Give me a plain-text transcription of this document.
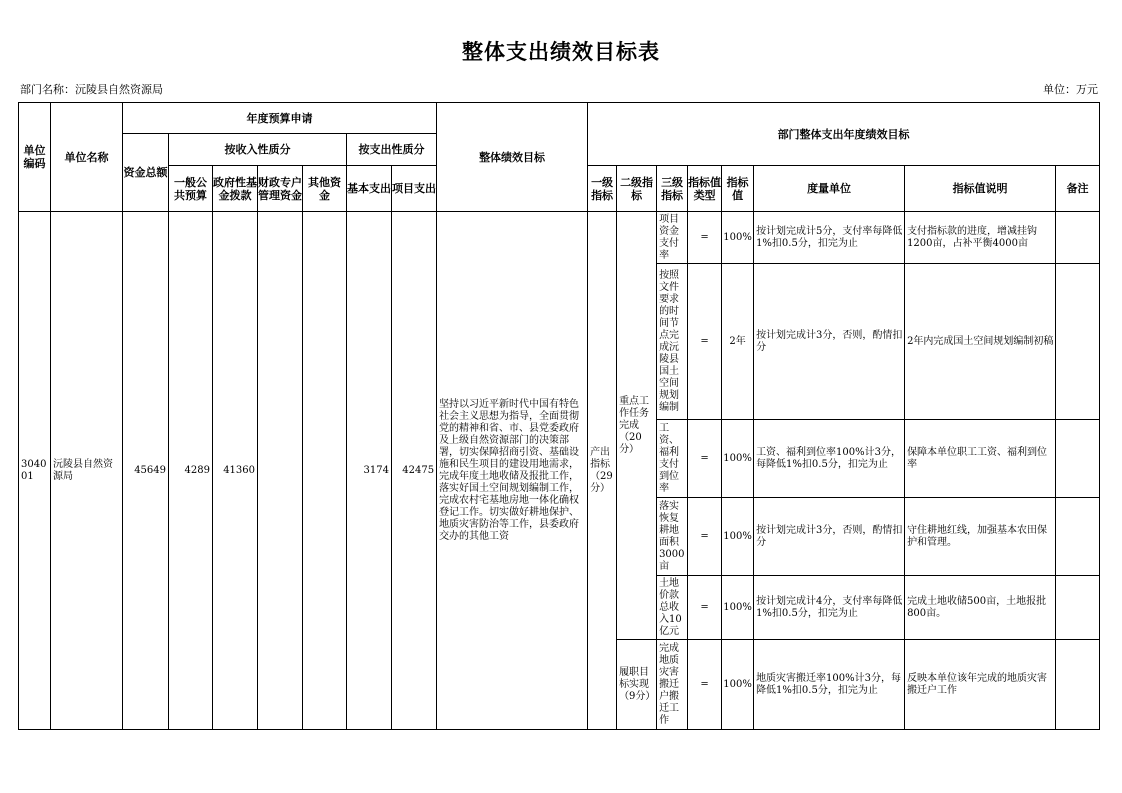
整体支出绩效目标表
部门名称：沅陵县自然资源局	单位：万元
单位编码	单位名称	年度预算申请							整体绩效目标	部门整体支出年度绩效目标							
		资金总额	按收入性质分				按支出性质分										
			一般公共预算	政府性基金拨款	财政专户管理资金	其他资金	基本支出	项目支出		一级指标	二级指标	三级指标	指标值类型	指标值	度量单位	指标值说明	备注
304001	沅陵县自然资源局	45649	4289	41360			3174	42475	坚持以习近平新时代中国有特色社会主义思想为指导，全面贯彻党的精神和省、市、县党委政府及上级自然资源部门的决策部署，切实保障招商引资、基础设施和民生项目的建设用地需求，完成年度土地收储及报批工作，落实好国土空间规划编制工作，完成农村宅基地房地一体化确权登记工作。切实做好耕地保护、地质灾害防治等工作，县委政府交办的其他工资	产出指标（29分）	重点工作任务完成（20分）	项目资金支付率	=	100%	按计划完成计5分，支付率每降低1%扣0.5分，扣完为止	支付指标款的进度，增减挂钩1200亩，占补平衡4000亩	
												按照文件要求的时间节点完成沅陵县国土空间规划编制	=	2年	按计划完成计3分，否则，酌情扣分	2年内完成国土空间规划编制初稿	
												工资、福利支付到位率	=	100%	工资、福利到位率100%计3分，每降低1%扣0.5分，扣完为止	保障本单位职工工资、福利到位率	
												落实恢复耕地面积3000亩	=	100%	按计划完成计3分，否则，酌情扣分	守住耕地红线，加强基本农田保护和管理。	
												土地价款总收入10亿元	=	100%	按计划完成计4分，支付率每降低1%扣0.5分，扣完为止	完成土地收储500亩，土地报批800亩。	
											履职目标实现（9分）	完成地质灾害搬迁户搬迁工作	=	100%	地质灾害搬迁率100%计3分，每降低1%扣0.5分，扣完为止	反映本单位该年完成的地质灾害搬迁户工作	
